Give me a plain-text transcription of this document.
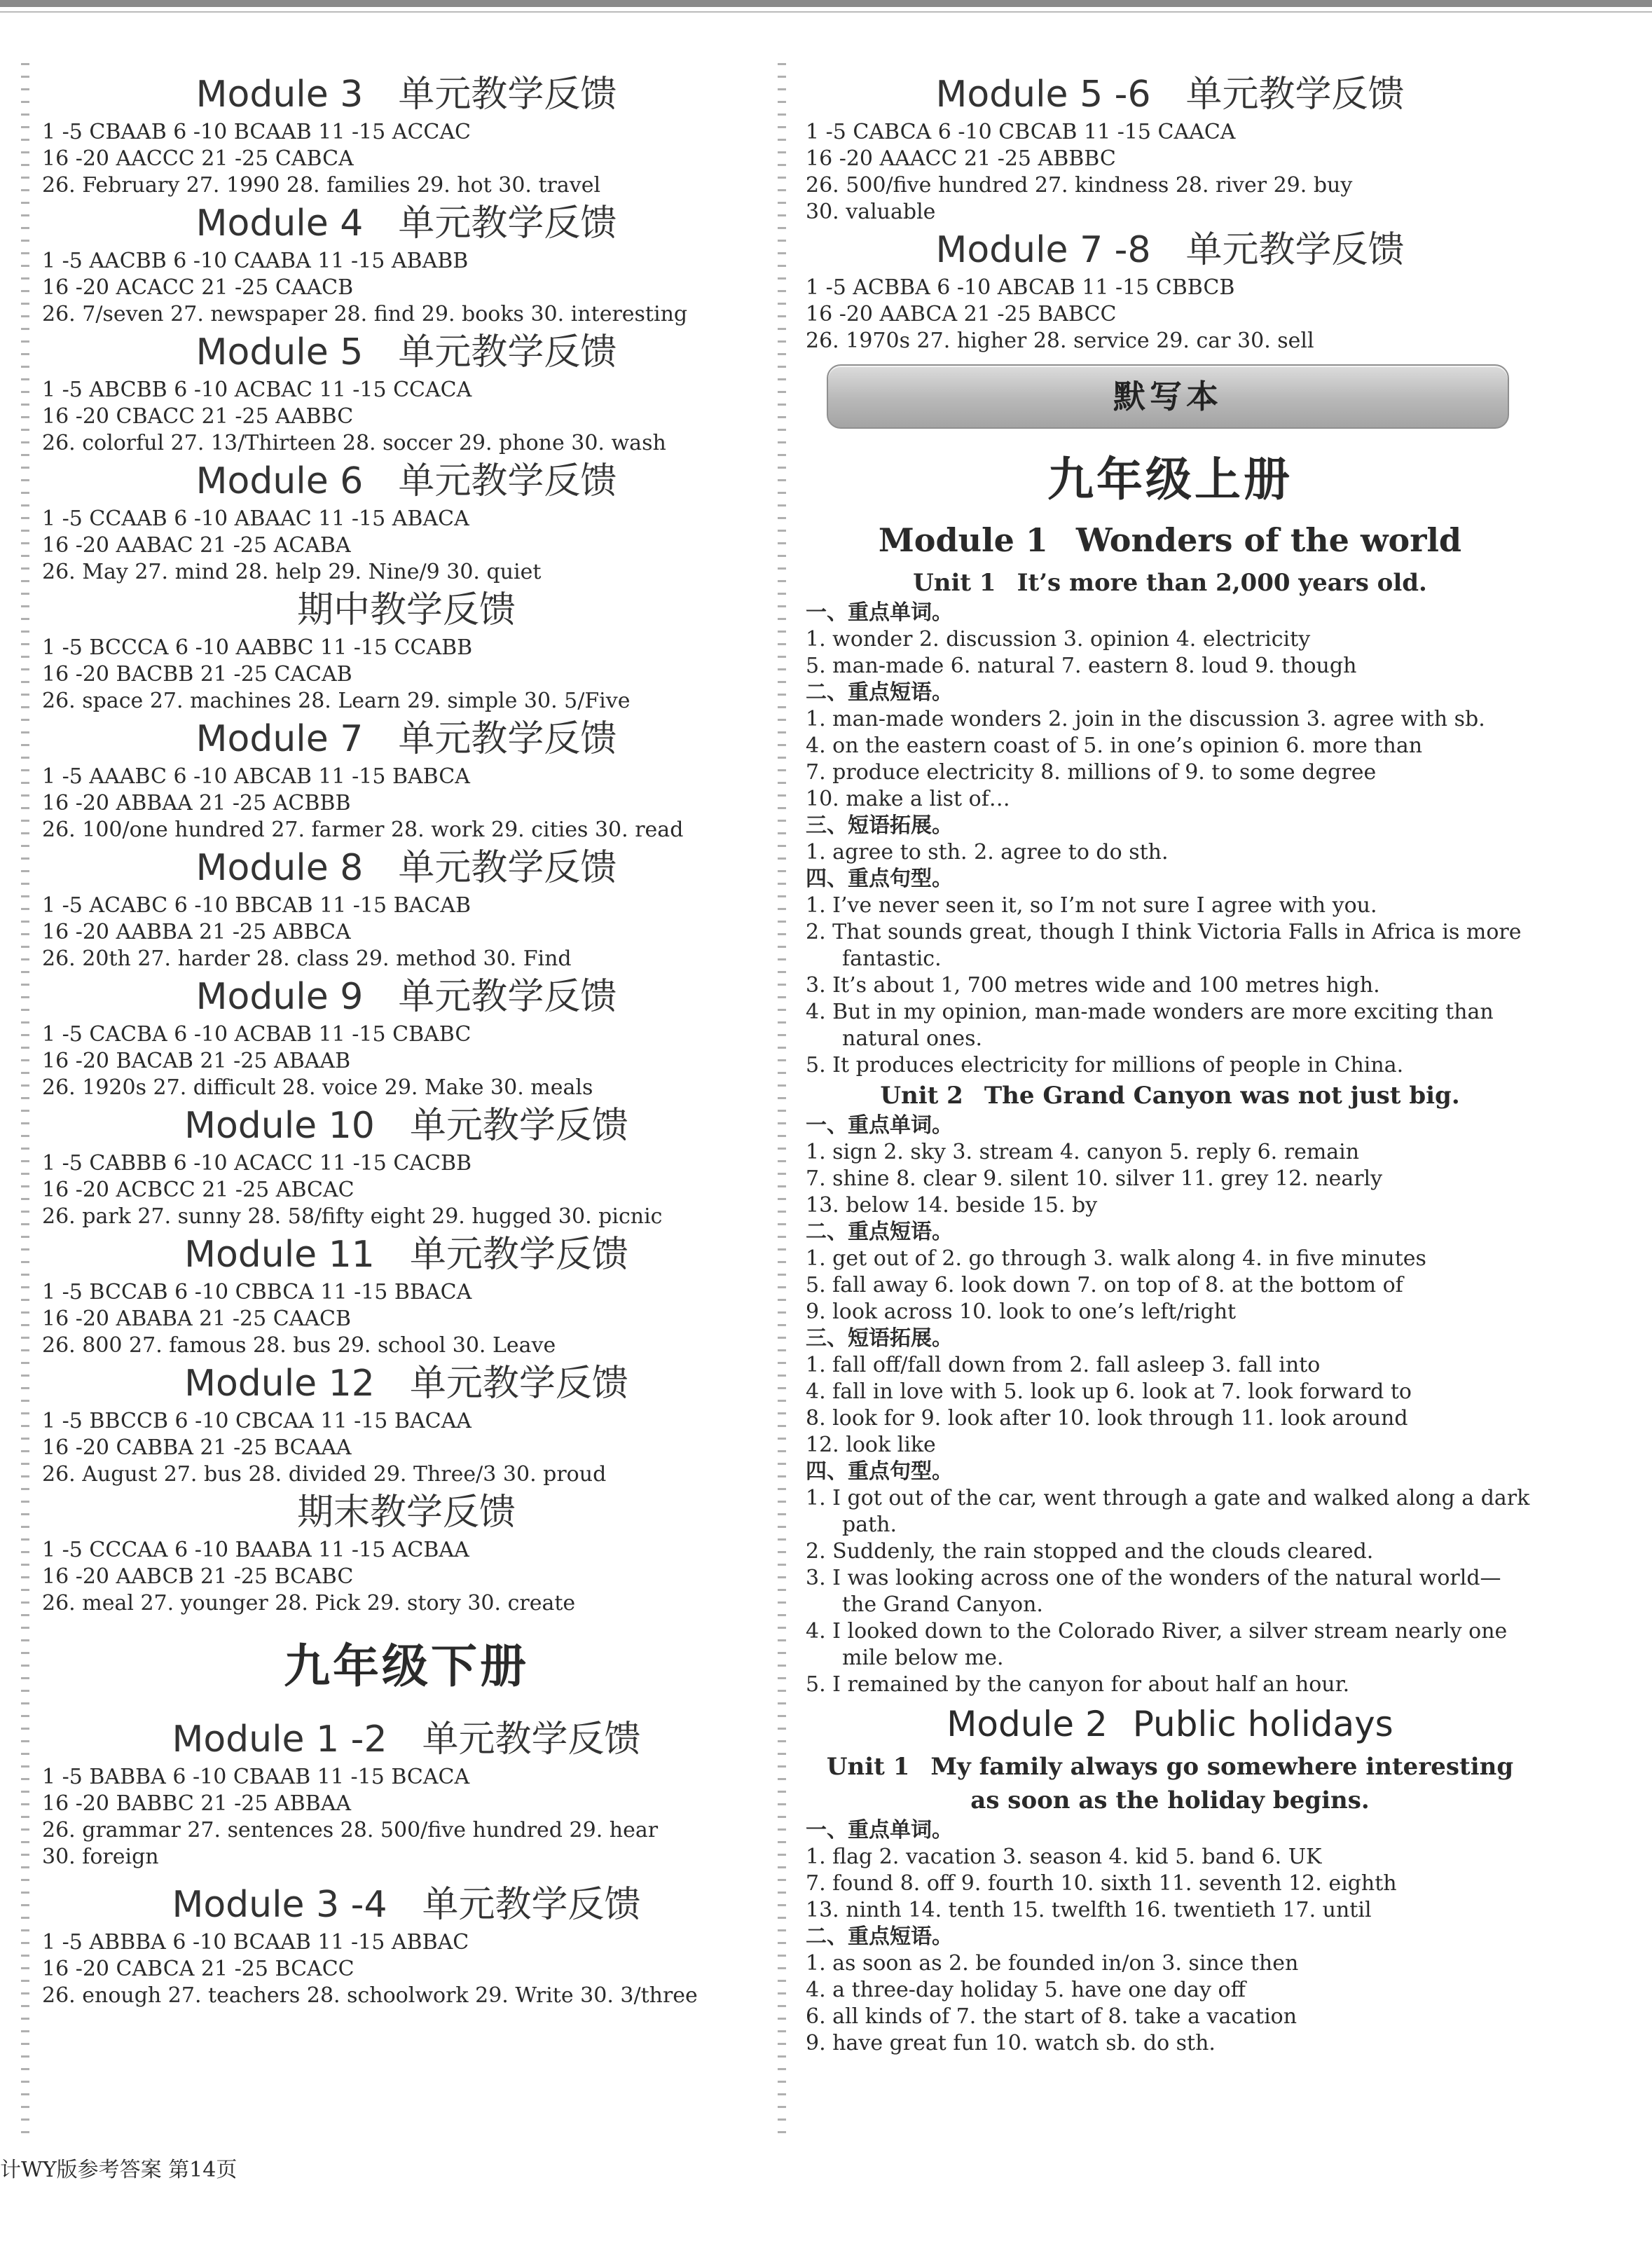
Module 3 单元教学反馈
1 -5 CBAAB 6 -10 BCAAB 11 -15 ACCAC
16 -20 AACCC 21 -25 CABCA
26. February 27. 1990 28. families 29. hot 30. travel
Module 4 单元教学反馈
1 -5 AACBB 6 -10 CAABA 11 -15 ABABB
16 -20 ACACC 21 -25 CAACB
26. 7/seven 27. newspaper 28. find 29. books 30. interesting
Module 5 单元教学反馈
1 -5 ABCBB 6 -10 ACBAC 11 -15 CCACA
16 -20 CBACC 21 -25 AABBC
26. colorful 27. 13/Thirteen 28. soccer 29. phone 30. wash
Module 6 单元教学反馈
1 -5 CCAAB 6 -10 ABAAC 11 -15 ABACA
16 -20 AABAC 21 -25 ACABA
26. May 27. mind 28. help 29. Nine/9 30. quiet
期中教学反馈
1 -5 BCCCA 6 -10 AABBC 11 -15 CCABB
16 -20 BACBB 21 -25 CACAB
26. space 27. machines 28. Learn 29. simple 30. 5/Five
Module 7 单元教学反馈
1 -5 AAABC 6 -10 ABCAB 11 -15 BABCA
16 -20 ABBAA 21 -25 ACBBB
26. 100/one hundred 27. farmer 28. work 29. cities 30. read
Module 8 单元教学反馈
1 -5 ACABC 6 -10 BBCAB 11 -15 BACAB
16 -20 AABBA 21 -25 ABBCA
26. 20th 27. harder 28. class 29. method 30. Find
Module 9 单元教学反馈
1 -5 CACBA 6 -10 ACBAB 11 -15 CBABC
16 -20 BACAB 21 -25 ABAAB
26. 1920s 27. difficult 28. voice 29. Make 30. meals
Module 10 单元教学反馈
1 -5 CABBB 6 -10 ACACC 11 -15 CACBB
16 -20 ACBCC 21 -25 ABCAC
26. park 27. sunny 28. 58/fifty eight 29. hugged 30. picnic
Module 11 单元教学反馈
1 -5 BCCAB 6 -10 CBBCA 11 -15 BBACA
16 -20 ABABA 21 -25 CAACB
26. 800 27. famous 28. bus 29. school 30. Leave
Module 12 单元教学反馈
1 -5 BBCCB 6 -10 CBCAA 11 -15 BACAA
16 -20 CABBA 21 -25 BCAAA
26. August 27. bus 28. divided 29. Three/3 30. proud
期末教学反馈
1 -5 CCCAA 6 -10 BAABA 11 -15 ACBAA
16 -20 AABCB 21 -25 BCABC
26. meal 27. younger 28. Pick 29. story 30. create
九年级下册
Module 1 -2 单元教学反馈
1 -5 BABBA 6 -10 CBAAB 11 -15 BCACA
16 -20 BABBC 21 -25 ABBAA
26. grammar 27. sentences 28. 500/five hundred 29. hear
30. foreign
Module 3 -4 单元教学反馈
1 -5 ABBBA 6 -10 BCAAB 11 -15 ABBAC
16 -20 CABCA 21 -25 BCACC
26. enough 27. teachers 28. schoolwork 29. Write 30. 3/three
Module 5 -6 单元教学反馈
1 -5 CABCA 6 -10 CBCAB 11 -15 CAACA
16 -20 AAACC 21 -25 ABBBC
26. 500/five hundred 27. kindness 28. river 29. buy
30. valuable
Module 7 -8 单元教学反馈
1 -5 ACBBA 6 -10 ABCAB 11 -15 CBBCB
16 -20 AABCA 21 -25 BABCC
26. 1970s 27. higher 28. service 29. car 30. sell
默写本
九年级上册
Module 1 Wonders of the world
Unit 1 It’s more than 2,000 years old.
一、重点单词。
1. wonder 2. discussion 3. opinion 4. electricity
5. man-made 6. natural 7. eastern 8. loud 9. though
二、重点短语。
1. man-made wonders 2. join in the discussion 3. agree with sb.
4. on the eastern coast of 5. in one’s opinion 6. more than
7. produce electricity 8. millions of 9. to some degree
10. make a list of…
三、短语拓展。
1. agree to sth. 2. agree to do sth.
四、重点句型。
1. I’ve never seen it, so I’m not sure I agree with you.
2. That sounds great, though I think Victoria Falls in Africa is more fantastic.
3. It’s about 1, 700 metres wide and 100 metres high.
4. But in my opinion, man-made wonders are more exciting than natural ones.
5. It produces electricity for millions of people in China.
Unit 2 The Grand Canyon was not just big.
一、重点单词。
1. sign 2. sky 3. stream 4. canyon 5. reply 6. remain
7. shine 8. clear 9. silent 10. silver 11. grey 12. nearly
13. below 14. beside 15. by
二、重点短语。
1. get out of 2. go through 3. walk along 4. in five minutes
5. fall away 6. look down 7. on top of 8. at the bottom of
9. look across 10. look to one’s left/right
三、短语拓展。
1. fall off/fall down from 2. fall asleep 3. fall into
4. fall in love with 5. look up 6. look at 7. look forward to
8. look for 9. look after 10. look through 11. look around
12. look like
四、重点句型。
1. I got out of the car, went through a gate and walked along a dark path.
2. Suddenly, the rain stopped and the clouds cleared.
3. I was looking across one of the wonders of the natural world—the Grand Canyon.
4. I looked down to the Colorado River, a silver stream nearly one mile below me.
5. I remained by the canyon for about half an hour.
Module 2 Public holidays
Unit 1 My family always go somewhere interesting
as soon as the holiday begins.
一、重点单词。
1. flag 2. vacation 3. season 4. kid 5. band 6. UK
7. found 8. off 9. fourth 10. sixth 11. seventh 12. eighth
13. ninth 14. tenth 15. twelfth 16. twentieth 17. until
二、重点短语。
1. as soon as 2. be founded in/on 3. since then
4. a three-day holiday 5. have one day off
6. all kinds of 7. the start of 8. take a vacation
9. have great fun 10. watch sb. do sth.
计WY版参考答案 第14页
